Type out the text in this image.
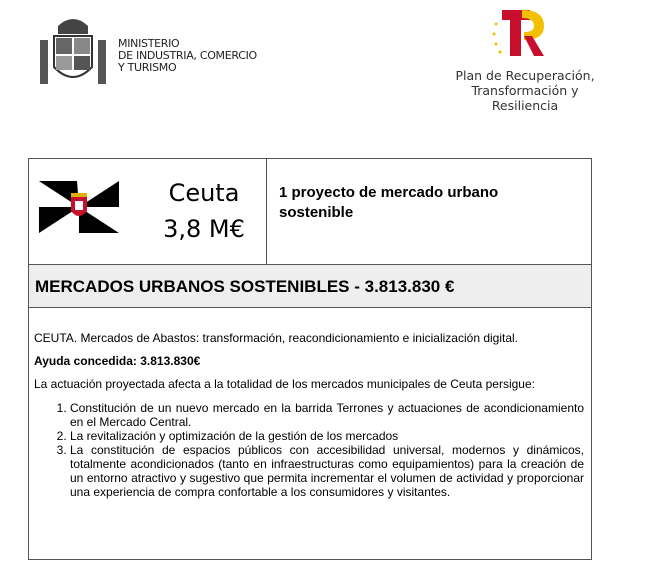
MINISTERIO
DE INDUSTRIA, COMERCIO
Y TURISMO
Plan de Recuperación,
Transformación y
Resiliencia
Ceuta
3,8 M€
1 proyecto de mercado urbano sostenible
MERCADOS URBANOS SOSTENIBLES - 3.813.830 €

CEUTA. Mercados de Abastos: transformación, reacondicionamiento e inicialización digital.

Ayuda concedida: 3.813.830€

La actuación proyectada afecta a la totalidad de los mercados municipales de Ceuta persigue:

1. Constitución de un nuevo mercado en la barrida Terrones y actuaciones de acondicionamiento en el Mercado Central.
2. La revitalización y optimización de la gestión de los mercados
3. La constitución de espacios públicos con accesibilidad universal, modernos y dinámicos, totalmente acondicionados (tanto en infraestructuras como equipamientos) para la creación de un entorno atractivo y sugestivo que permita incrementar el volumen de actividad y proporcionar una experiencia de compra confortable a los consumidores y visitantes.
